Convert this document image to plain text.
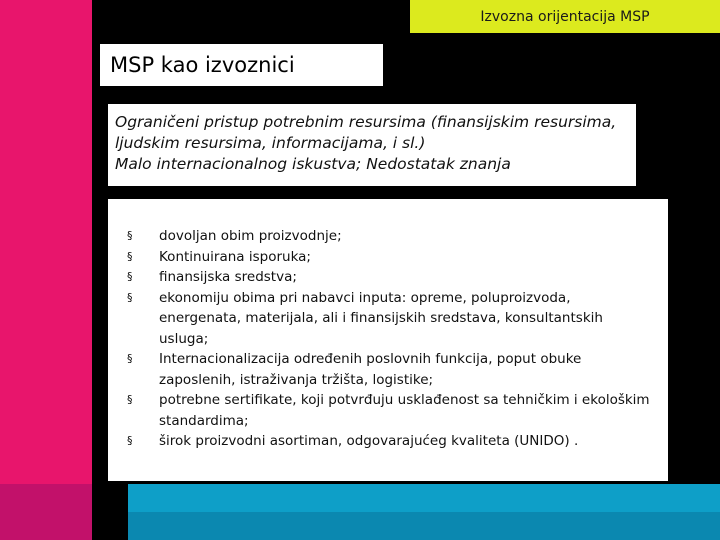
Izvozna orijentacija MSP
MSP kao izvoznici

Ograničeni pristup potrebnim resursima (finansijskim resursima,

ljudskim resursima, informacijama, i sl.)

Malo internacionalnog iskustva; Nedostatak znanja

§ dovoljan obim proizvodnje;
§ Kontinuirana isporuka;
§ finansijska sredstva;
§ ekonomiju obima pri nabavci inputa: opreme, poluproizvoda, energenata, materijala, ali i finansijskih sredstava, konsultantskih usluga;
§ Internacionalizacija određenih poslovnih funkcija, poput obuke zaposlenih, istraživanja tržišta, logistike;
§ potrebne sertifikate, koji potvrđuju usklađenost sa tehničkim i ekološkim standardima;
§ širok proizvodni asortiman, odgovarajućeg kvaliteta (UNIDO) .
